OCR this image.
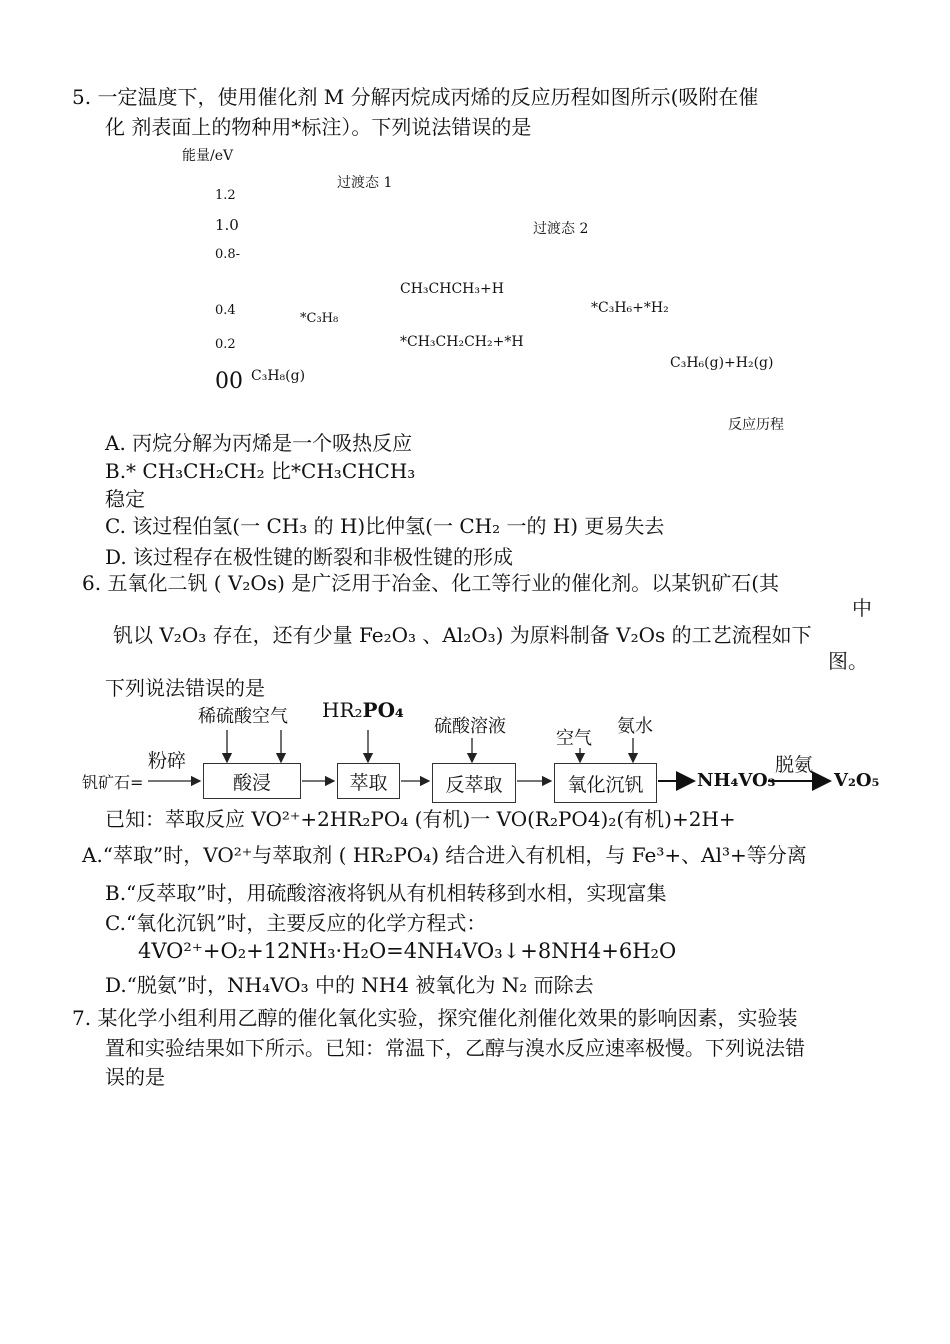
5. 一定温度下，使用催化剂 M 分解丙烷成丙烯的反应历程如图所示(吸附在催
化 剂表面上的物种用*标注）。下列说法错误的是
能量/eV
1.2
1.0
0.8-
0.4
0.2
00
过渡态 1
过渡态 2
CH₃CHCH₃+H
*C₃H₆+*H₂
*C₃H₈
*CH₃CH₂CH₂+*H
C₃H₈(g)
C₃H₆(g)+H₂(g)
反应历程
A. 丙烷分解为丙烯是一个吸热反应
B.* CH₃CH₂CH₂ 比*CH₃CHCH₃
稳定
C. 该过程伯氢(一 CH₃ 的 H)比仲氢(一 CH₂ 一的 H) 更易失去
D. 该过程存在极性键的断裂和非极性键的形成
6. 五氧化二钒 ( V₂Os) 是广泛用于冶金、化工等行业的催化剂。以某钒矿石(其
中
钒以 V₂O₃ 存在，还有少量 Fe₂O₃ 、Al₂O₃) 为原料制备 V₂Os 的工艺流程如下
图。
下列说法错误的是
稀硫酸空气 HR₂PO₄
硫酸溶液
空气
氨水
粉碎
钒矿石=	酸浸	萃取	反萃取	氧化沉钒	NH₄VO₃
脱氨
V₂O₅
已知：萃取反应 VO²⁺+2HR₂PO₄ (有机)一 VO(R₂PO4)₂(有机)+2H+
A.“萃取”时，VO²⁺与萃取剂 ( HR₂PO₄) 结合进入有机相，与 Fe³+、Al³+等分离
B.“反萃取”时，用硫酸溶液将钒从有机相转移到水相，实现富集
C.“氧化沉钒”时，主要反应的化学方程式：
4VO²⁺+O₂+12NH₃·H₂O=4NH₄VO₃↓+8NH4+6H₂O
D.“脱氨”时，NH₄VO₃ 中的 NH4 被氧化为 N₂ 而除去
7. 某化学小组利用乙醇的催化氧化实验，探究催化剂催化效果的影响因素，实验装
置和实验结果如下所示。已知：常温下，乙醇与溴水反应速率极慢。下列说法错
误的是
